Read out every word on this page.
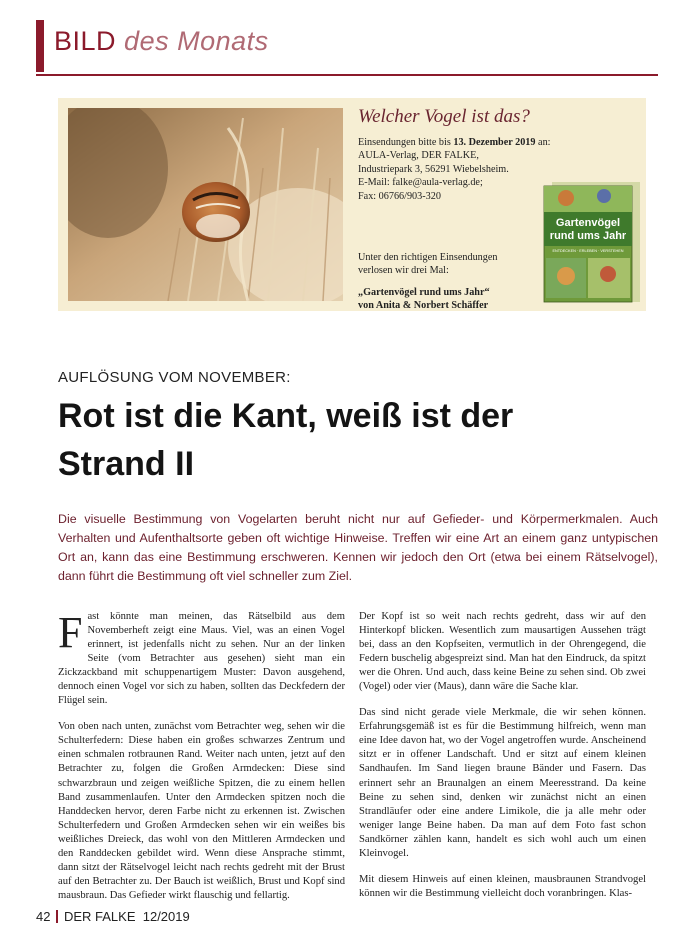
BILD des Monats
Welcher Vogel ist das?
Einsendungen bitte bis 13. Dezember 2019 an:
AULA-Verlag, DER FALKE,
Industriepark 3, 56291 Wiebelsheim.
E-Mail: falke@aula-verlag.de;
Fax: 06766/903-320
Unter den richtigen Einsendungen
verlosen wir drei Mal:
„Gartenvögel rund ums Jahr“
von Anita & Norbert Schäffer
Gartenvögel
rund ums Jahr
ENTDECKEN · ERLEBEN · VERSTEHEN
AUFLÖSUNG VOM NOVEMBER:
Rot ist die Kant, weiß ist der
Strand II
Die visuelle Bestimmung von Vogelarten beruht nicht nur auf Gefieder- und Körpermerkmalen. Auch Verhalten und Aufenthaltsorte geben oft wichtige Hinweise. Treffen wir eine Art an einem ganz untypischen Ort an, kann das eine Bestimmung erschweren. Kennen wir jedoch den Ort (etwa bei einem Rätselvogel), dann führt die Bestimmung oft viel schneller zum Ziel.

Fast könnte man meinen, das Rätselbild aus dem Novemberheft zeigt eine Maus. Viel, was an einen Vogel erinnert, ist jedenfalls nicht zu sehen. Nur an der linken Seite (vom Betrachter aus gesehen) sieht man ein Zickzackband mit schuppenartigem Muster: Davon ausgehend, dennoch einen Vogel vor sich zu haben, sollten das Deckfedern der Flügel sein.

Von oben nach unten, zunächst vom Betrachter weg, sehen wir die Schulterfedern: Diese haben ein großes schwarzes Zentrum und einen schmalen rotbraunen Rand. Weiter nach unten, jetzt auf den Betrachter zu, folgen die Großen Armdecken: Diese sind schwarzbraun und zeigen weißliche Spitzen, die zu einem hellen Band zusammenlaufen. Unter den Armdecken spitzen noch die Handdecken hervor, deren Farbe nicht zu erkennen ist. Zwischen Schulterfedern und Großen Armdecken sehen wir ein weißes bis weißliches Dreieck, das wohl von den Mittleren Armdecken und den Randdecken gebildet wird. Wenn diese Ansprache stimmt, dann sitzt der Rätselvogel leicht nach rechts gedreht mit der Brust auf den Betrachter zu. Der Bauch ist weißlich, Brust und Kopf sind mausbraun. Das Gefieder wirkt flauschig und fellartig.

Der Kopf ist so weit nach rechts gedreht, dass wir auf den Hinterkopf blicken. Wesentlich zum mausartigen Aussehen trägt bei, dass an den Kopfseiten, vermutlich in der Ohrengegend, die Federn buschelig abgespreizt sind. Man hat den Eindruck, da spitzt wer die Ohren. Und auch, dass keine Beine zu sehen sind. Ob zwei (Vogel) oder vier (Maus), dann wäre die Sache klar.

Das sind nicht gerade viele Merkmale, die wir sehen können. Erfahrungsgemäß ist es für die Bestimmung hilfreich, wenn man eine Idee davon hat, wo der Vogel angetroffen wurde. Anscheinend sitzt er in offener Landschaft. Und er sitzt auf einem kleinen Sandhaufen. Im Sand liegen braune Bänder und Fasern. Das erinnert sehr an Braunalgen an einem Meeresstrand. Da keine Beine zu sehen sind, denken wir zunächst nicht an einen Strandläufer oder eine andere Limikole, die ja alle mehr oder weniger lange Beine haben. Da man auf dem Foto fast schon Sandkörner zählen kann, handelt es sich wohl auch um einen Kleinvogel.

Mit diesem Hinweis auf einen kleinen, mausbraunen Strandvogel können wir die Bestimmung vielleicht doch voranbringen. Klas-

42 DER FALKE 12/2019
